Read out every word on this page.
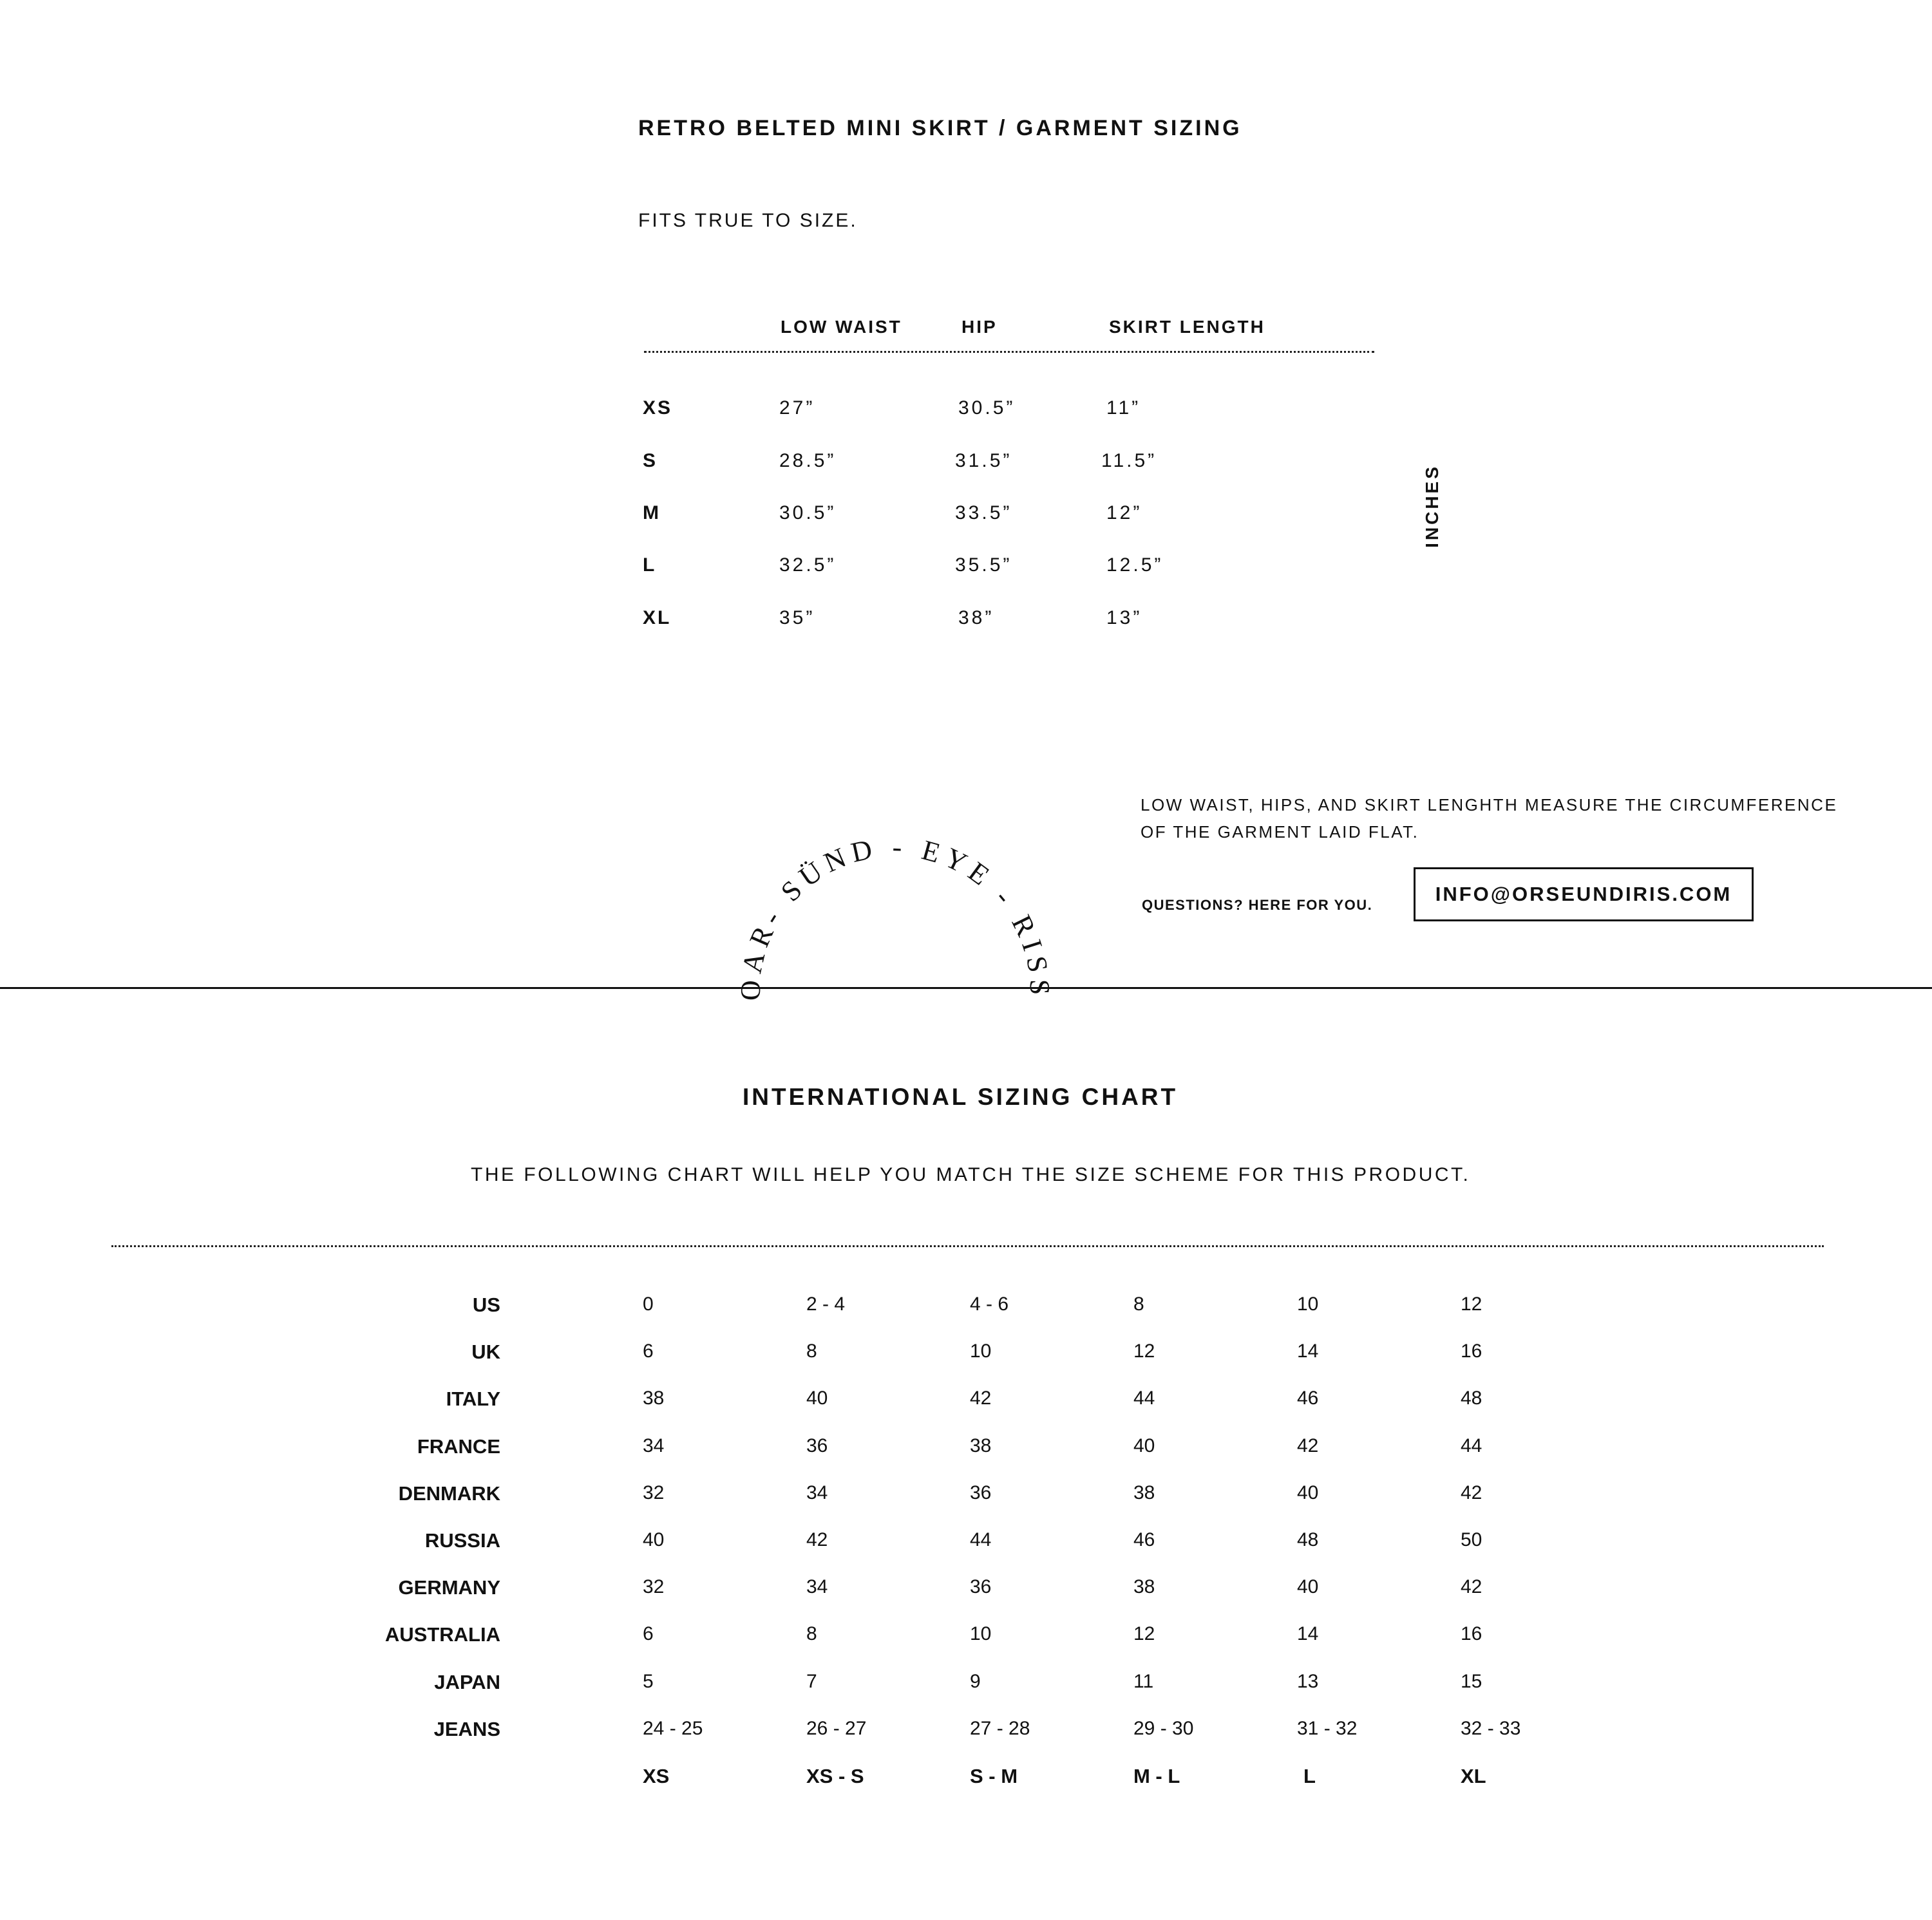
RETRO BELTED MINI SKIRT / GARMENT SIZING
FITS TRUE TO SIZE.
LOW WAIST	HIP	SKIRT LENGTH
XS	27”	30.5”	11”
S	28.5”	31.5”	11.5”
M	30.5”	33.5”	12”
L	32.5”	35.5”	12.5”
XL	35”	38”	13”
INCHES
OAR- SÜND - EYE - RISS
LOW WAIST, HIPS, AND SKIRT LENGHTH MEASURE THE CIRCUMFERENCE
OF THE GARMENT LAID FLAT.
QUESTIONS? HERE FOR YOU.	INFO@ORSEUNDIRIS.COM
INTERNATIONAL SIZING CHART
THE FOLLOWING CHART WILL HELP YOU MATCH THE SIZE SCHEME FOR THIS PRODUCT.
US	0	2 - 4	4 - 6	8	10	12
UK	6	8	10	12	14	16
ITALY	38	40	42	44	46	48
FRANCE	34	36	38	40	42	44
DENMARK	32	34	36	38	40	42
RUSSIA	40	42	44	46	48	50
GERMANY	32	34	36	38	40	42
AUSTRALIA	6	8	10	12	14	16
JAPAN	5	7	9	11	13	15
JEANS	24 - 25	26 - 27	27 - 28	29 - 30	31 - 32	32 - 33
XS	XS - S	S - M	M - L	L	XL
